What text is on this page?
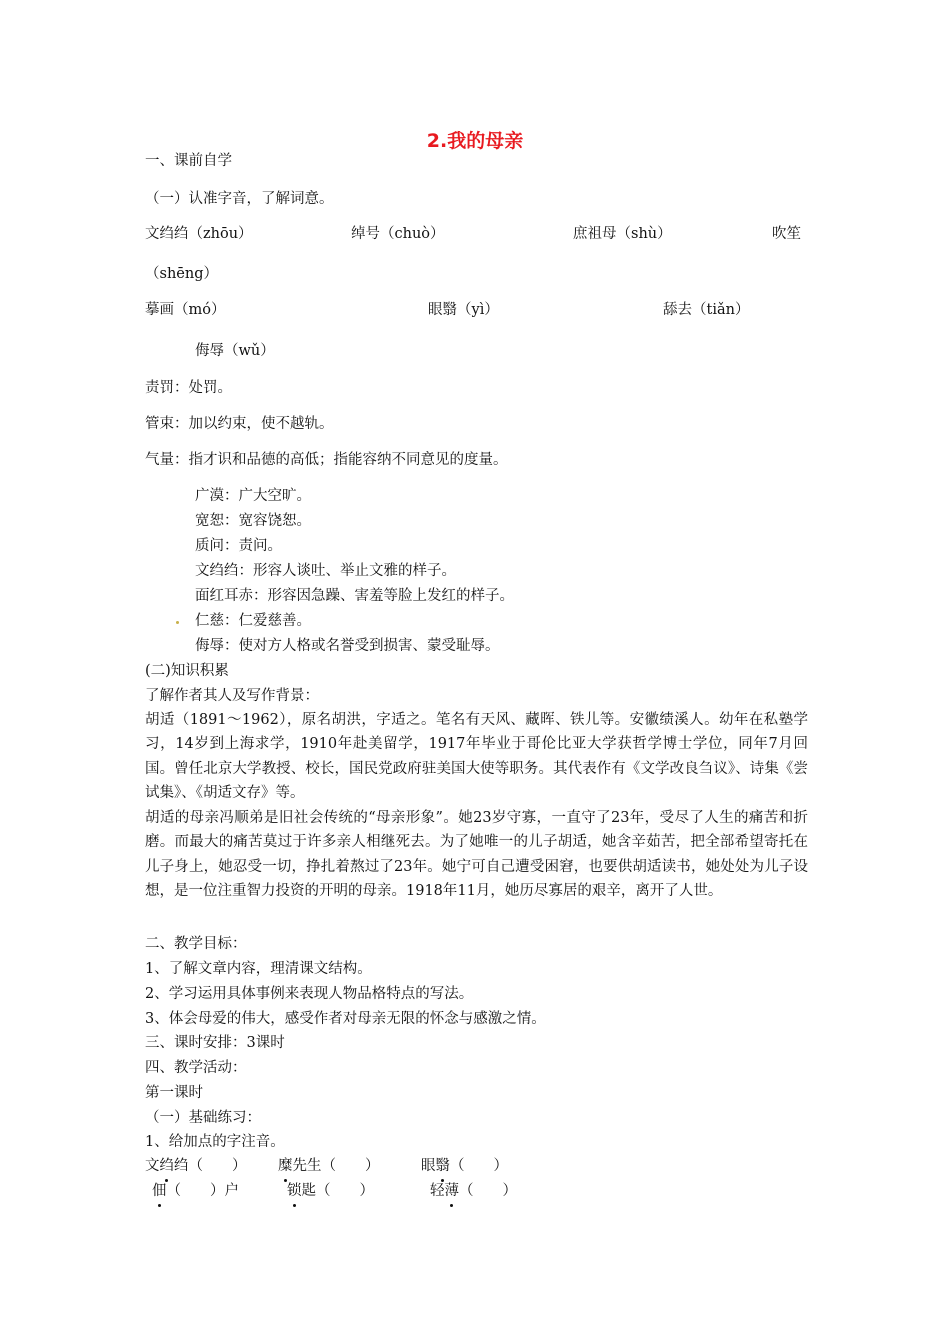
2.我的母亲
一、课前自学
（一）认准字音，了解词意。
文绉绉（zhōu）	绰号（chuò）	庶祖母（shù）	吹笙
（shēng）
摹画（mó）	眼翳（yì）	舔去（tiǎn）
侮辱（wǔ）
责罚：处罚。
管束：加以约束，使不越轨。
气量：指才识和品德的高低；指能容纳不同意见的度量。
广漠：广大空旷。
宽恕：宽容饶恕。
质问：责问。
文绉绉：形容人谈吐、举止文雅的样子。
面红耳赤：形容因急躁、害羞等脸上发红的样子。
仁慈：仁爱慈善。
侮辱：使对方人格或名誉受到损害、蒙受耻辱。
(二)知识积累
了解作者其人及写作背景：
胡适（1891～1962），原名胡洪，字适之。笔名有天风、藏晖、铁儿等。安徽绩溪人。幼年在私塾学习，14岁到上海求学，1910年赴美留学，1917年毕业于哥伦比亚大学获哲学博士学位，同年7月回国。曾任北京大学教授、校长，国民党政府驻美国大使等职务。其代表作有《文学改良刍议》、诗集《尝试集》、《胡适文存》等。
胡适的母亲冯顺弟是旧社会传统的“母亲形象”。她23岁守寡，一直守了23年，受尽了人生的痛苦和折磨。而最大的痛苦莫过于许多亲人相继死去。为了她唯一的儿子胡适，她含辛茹苦，把全部希望寄托在儿子身上，她忍受一切，挣扎着熬过了23年。她宁可自己遭受困窘，也要供胡适读书，她处处为儿子设想，是一位注重智力投资的开明的母亲。1918年11月，她历尽寡居的艰辛，离开了人世。
二、教学目标：
1、了解文章内容，理清课文结构。
2、学习运用具体事例来表现人物品格特点的写法。
3、体会母爱的伟大，感受作者对母亲无限的怀念与感激之情。
三、课时安排：3课时
四、教学活动：
第一课时
（一）基础练习：
1、给加点的字注音。
文绉绉（　　） 糜先生（　　）	眼翳（　　）
佃（　　）户	锁匙（　　）	轻薄（　　）
